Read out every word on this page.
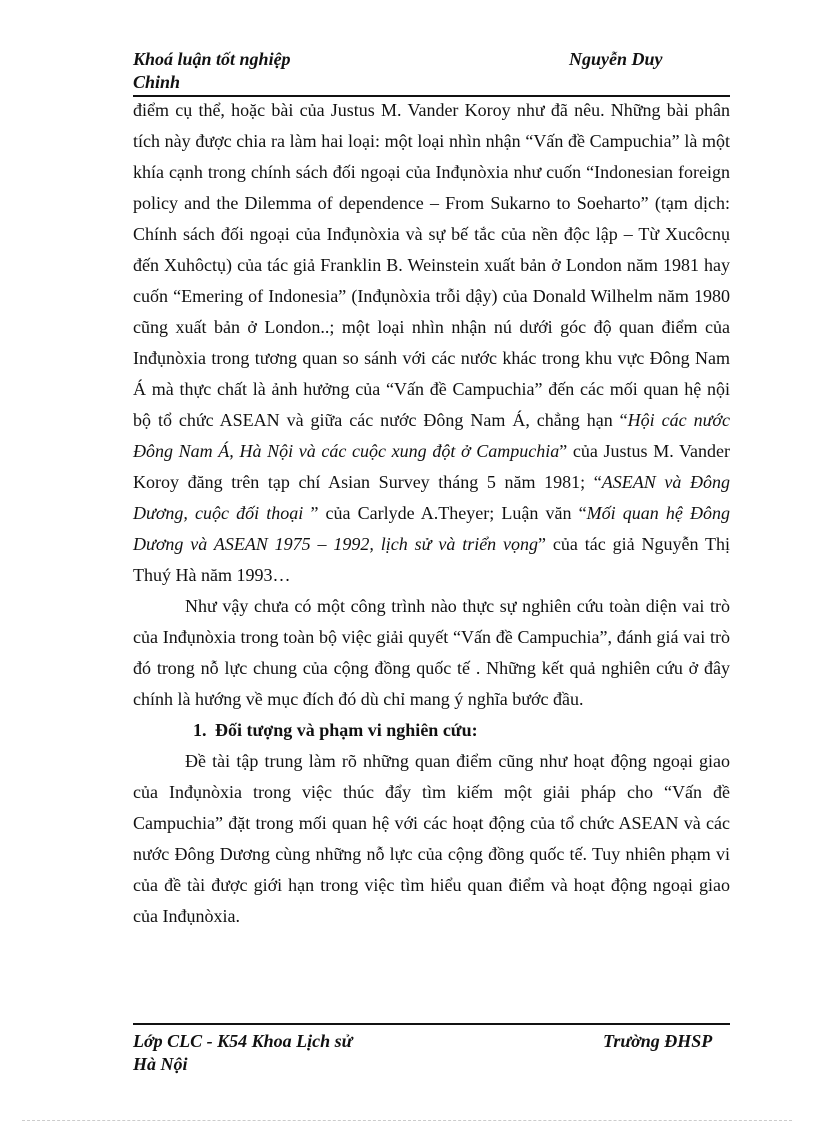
Khoá luận tốt nghiệp	Nguyễn Duy
Chinh

điểm cụ thể, hoặc bài của Justus M. Vander Koroy như đã nêu. Những bài phân tích này được chia ra làm hai loại: một loại nhìn nhận “Vấn đề Campuchia” là một khía cạnh trong chính sách đối ngoại của Inđụnòxia như cuốn “Indonesian foreign policy and the Dilemma of dependence – From Sukarno to Soeharto” (tạm dịch: Chính sách đối ngoại của Inđụnòxia và sự bế tắc của nền độc lập – Từ Xucôcnụ đến Xuhôctụ) của tác giả Franklin B. Weinstein xuất bản ở London năm 1981 hay cuốn “Emering of Indonesia” (Inđụnòxia trỗi dậy) của Donald Wilhelm năm 1980 cũng xuất bản ở London..; một loại nhìn nhận nú dưới góc độ quan điểm của Inđụnòxia trong tương quan so sánh với các nước khác trong khu vực Đông Nam Á mà thực chất là ảnh hưởng của “Vấn đề Campuchia” đến các mối quan hệ nội bộ tổ chức ASEAN và giữa các nước Đông Nam Á, chẳng hạn “Hội các nước Đông Nam Á, Hà Nội và các cuộc xung đột ở Campuchia” của Justus M. Vander Koroy đăng trên tạp chí Asian Survey tháng 5 năm 1981; “ASEAN và Đông Dương, cuộc đối thoại ” của Carlyde A.Theyer; Luận văn “Mối quan hệ Đông Dương và ASEAN 1975 – 1992, lịch sử và triển vọng” của tác giả Nguyễn Thị Thuý Hà năm 1993…

Như vậy chưa có một công trình nào thực sự nghiên cứu toàn diện vai trò của Inđụnòxia trong toàn bộ việc giải quyết “Vấn đề Campuchia”, đánh giá vai trò đó trong nỗ lực chung của cộng đồng quốc tế . Những kết quả nghiên cứu ở đây chính là hướng về mục đích đó dù chỉ mang ý nghĩa bước đầu.

1. Đối tượng và phạm vi nghiên cứu:

Đề tài tập trung làm rõ những quan điểm cũng như hoạt động ngoại giao của Inđụnòxia trong việc thúc đẩy tìm kiếm một giải pháp cho “Vấn đề Campuchia” đặt trong mối quan hệ với các hoạt động của tổ chức ASEAN và các nước Đông Dương cùng những nỗ lực của cộng đồng quốc tế. Tuy nhiên phạm vi của đề tài được giới hạn trong việc tìm hiểu quan điểm và hoạt động ngoại giao của Inđụnòxia.

Lớp CLC - K54 Khoa Lịch sử	Trường ĐHSP
Hà Nội
